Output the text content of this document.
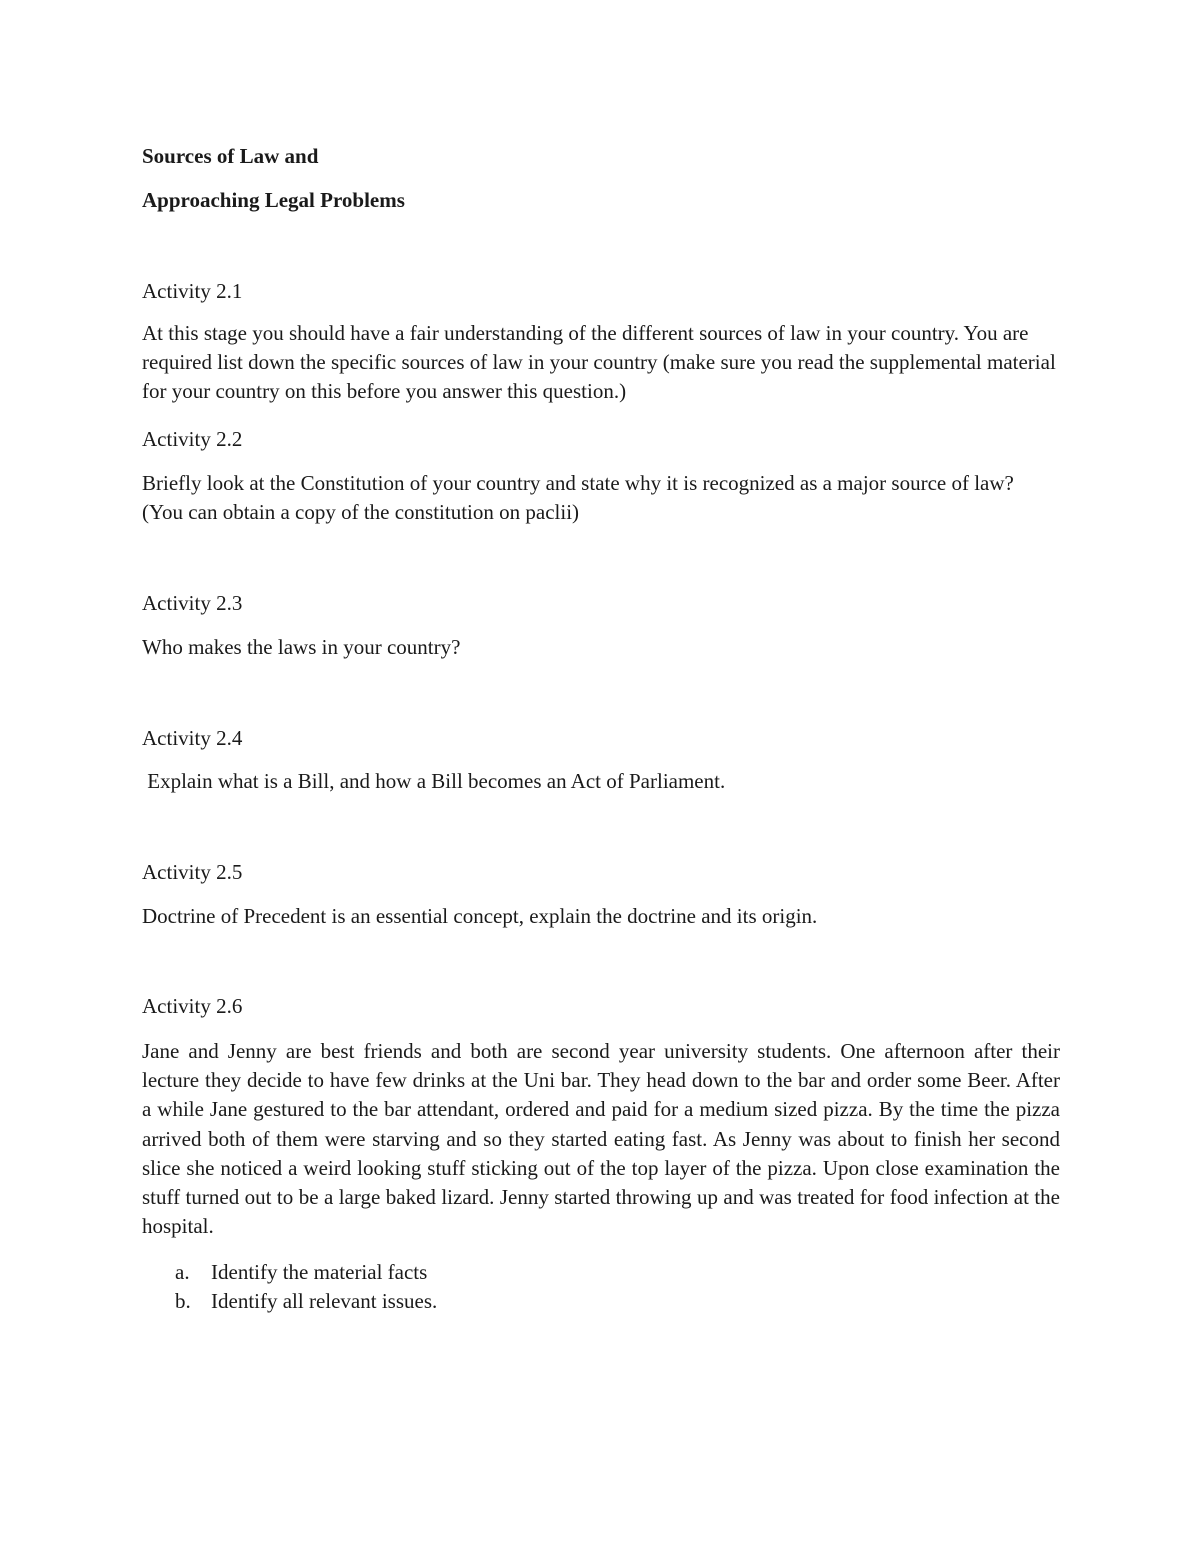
Sources of Law and
Approaching Legal Problems
Activity 2.1

At this stage you should have a fair understanding of the different sources of law in your country. You are required list down the specific sources of law in your country (make sure you read the supplemental material for your country on this before you answer this question.)

Activity 2.2

Briefly look at the Constitution of your country and state why it is recognized as a major source of law? (You can obtain a copy of the constitution on paclii)

Activity 2.3

Who makes the laws in your country?

Activity 2.4

Explain what is a Bill, and how a Bill becomes an Act of Parliament.

Activity 2.5

Doctrine of Precedent is an essential concept, explain the doctrine and its origin.

Activity 2.6

Jane and Jenny are best friends and both are second year university students. One afternoon after their lecture they decide to have few drinks at the Uni bar. They head down to the bar and order some Beer. After a while Jane gestured to the bar attendant, ordered and paid for a medium sized pizza. By the time the pizza arrived both of them were starving and so they started eating fast. As Jenny was about to finish her second slice she noticed a weird looking stuff sticking out of the top layer of the pizza. Upon close examination the stuff turned out to be a large baked lizard. Jenny started throwing up and was treated for food infection at the hospital.

a. Identify the material facts
b. Identify all relevant issues.
